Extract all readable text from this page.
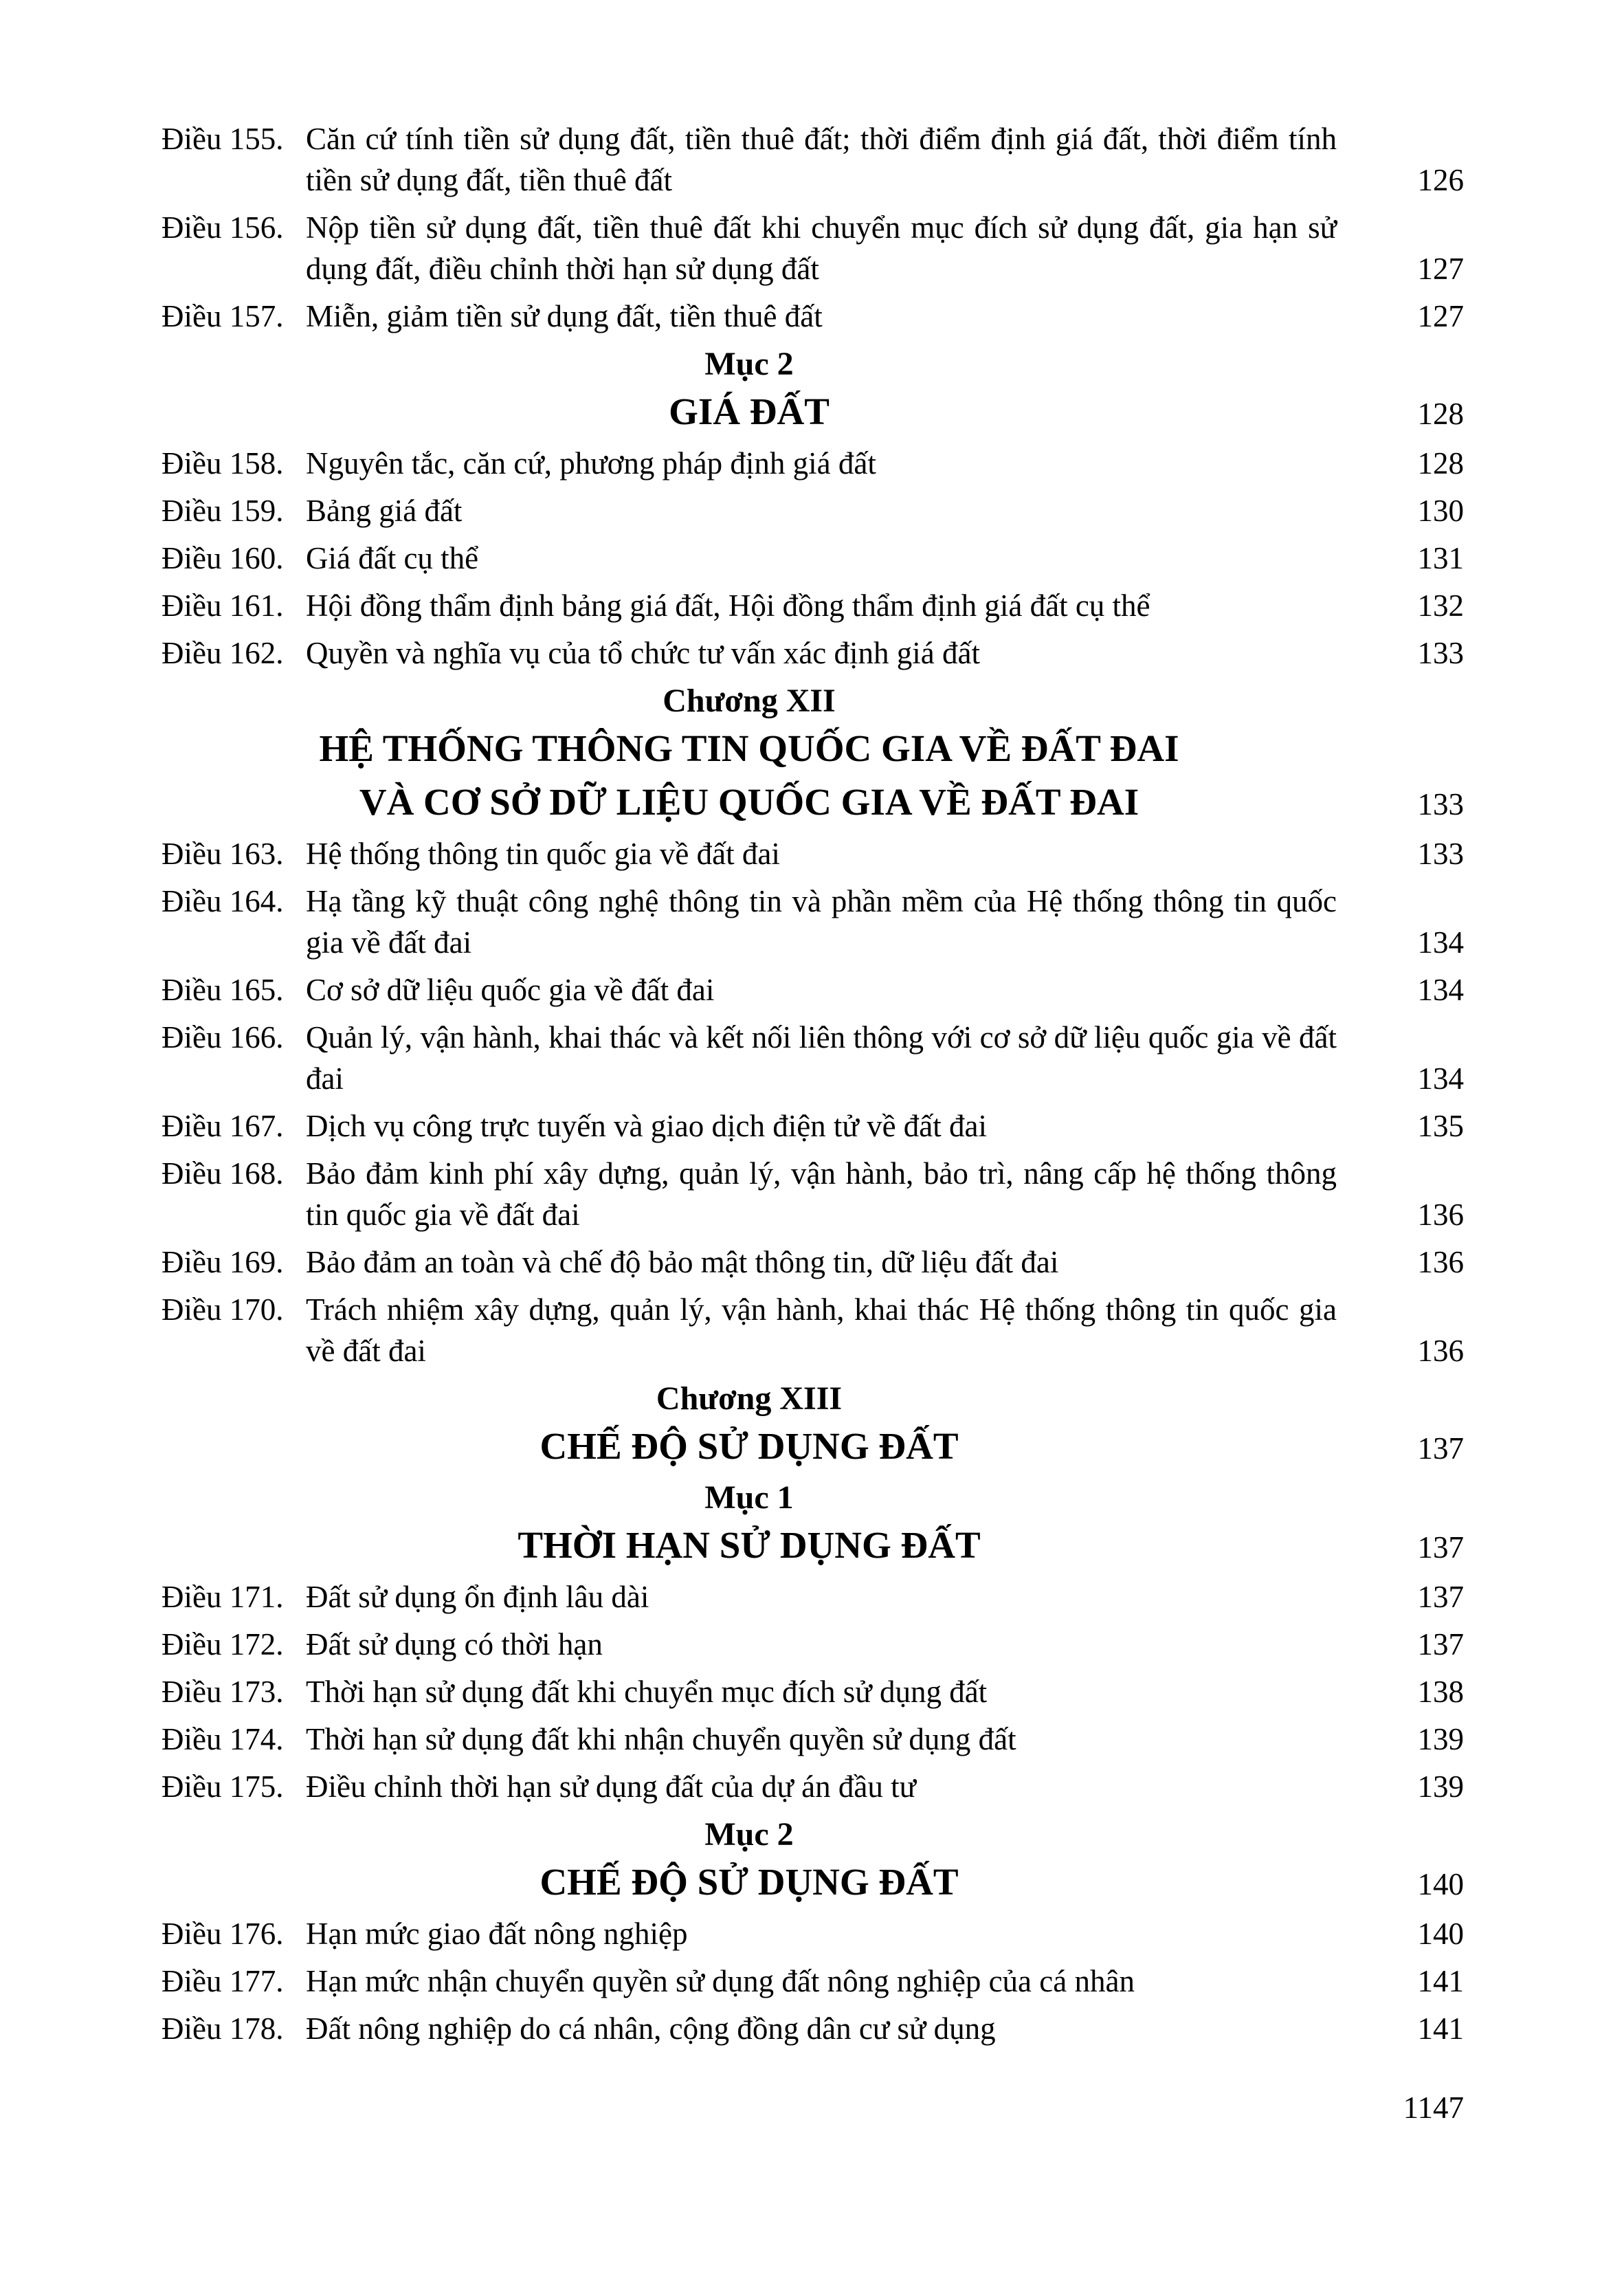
Điều 155. Căn cứ tính tiền sử dụng đất, tiền thuê đất; thời điểm định giá đất, thời điểm tính tiền sử dụng đất, tiền thuê đất	126
Điều 156. Nộp tiền sử dụng đất, tiền thuê đất khi chuyển mục đích sử dụng đất, gia hạn sử dụng đất, điều chỉnh thời hạn sử dụng đất	127
Điều 157. Miễn, giảm tiền sử dụng đất, tiền thuê đất	127
Mục 2
GIÁ ĐẤT	128
Điều 158. Nguyên tắc, căn cứ, phương pháp định giá đất	128
Điều 159. Bảng giá đất	130
Điều 160. Giá đất cụ thể	131
Điều 161. Hội đồng thẩm định bảng giá đất, Hội đồng thẩm định giá đất cụ thể	132
Điều 162. Quyền và nghĩa vụ của tổ chức tư vấn xác định giá đất	133
Chương XII
HỆ THỐNG THÔNG TIN QUỐC GIA VỀ ĐẤT ĐAI
VÀ CƠ SỞ DỮ LIỆU QUỐC GIA VỀ ĐẤT ĐAI	133
Điều 163. Hệ thống thông tin quốc gia về đất đai	133
Điều 164. Hạ tầng kỹ thuật công nghệ thông tin và phần mềm của Hệ thống thông tin quốc gia về đất đai	134
Điều 165. Cơ sở dữ liệu quốc gia về đất đai	134
Điều 166. Quản lý, vận hành, khai thác và kết nối liên thông với cơ sở dữ liệu quốc gia về đất đai	134
Điều 167. Dịch vụ công trực tuyến và giao dịch điện tử về đất đai	135
Điều 168. Bảo đảm kinh phí xây dựng, quản lý, vận hành, bảo trì, nâng cấp hệ thống thông tin quốc gia về đất đai	136
Điều 169. Bảo đảm an toàn và chế độ bảo mật thông tin, dữ liệu đất đai	136
Điều 170. Trách nhiệm xây dựng, quản lý, vận hành, khai thác Hệ thống thông tin quốc gia về đất đai	136
Chương XIII
CHẾ ĐỘ SỬ DỤNG ĐẤT	137
Mục 1
THỜI HẠN SỬ DỤNG ĐẤT	137
Điều 171. Đất sử dụng ổn định lâu dài	137
Điều 172. Đất sử dụng có thời hạn	137
Điều 173. Thời hạn sử dụng đất khi chuyển mục đích sử dụng đất	138
Điều 174. Thời hạn sử dụng đất khi nhận chuyển quyền sử dụng đất	139
Điều 175. Điều chỉnh thời hạn sử dụng đất của dự án đầu tư	139
Mục 2
CHẾ ĐỘ SỬ DỤNG ĐẤT	140
Điều 176. Hạn mức giao đất nông nghiệp	140
Điều 177. Hạn mức nhận chuyển quyền sử dụng đất nông nghiệp của cá nhân	141
Điều 178. Đất nông nghiệp do cá nhân, cộng đồng dân cư sử dụng	141
1147
